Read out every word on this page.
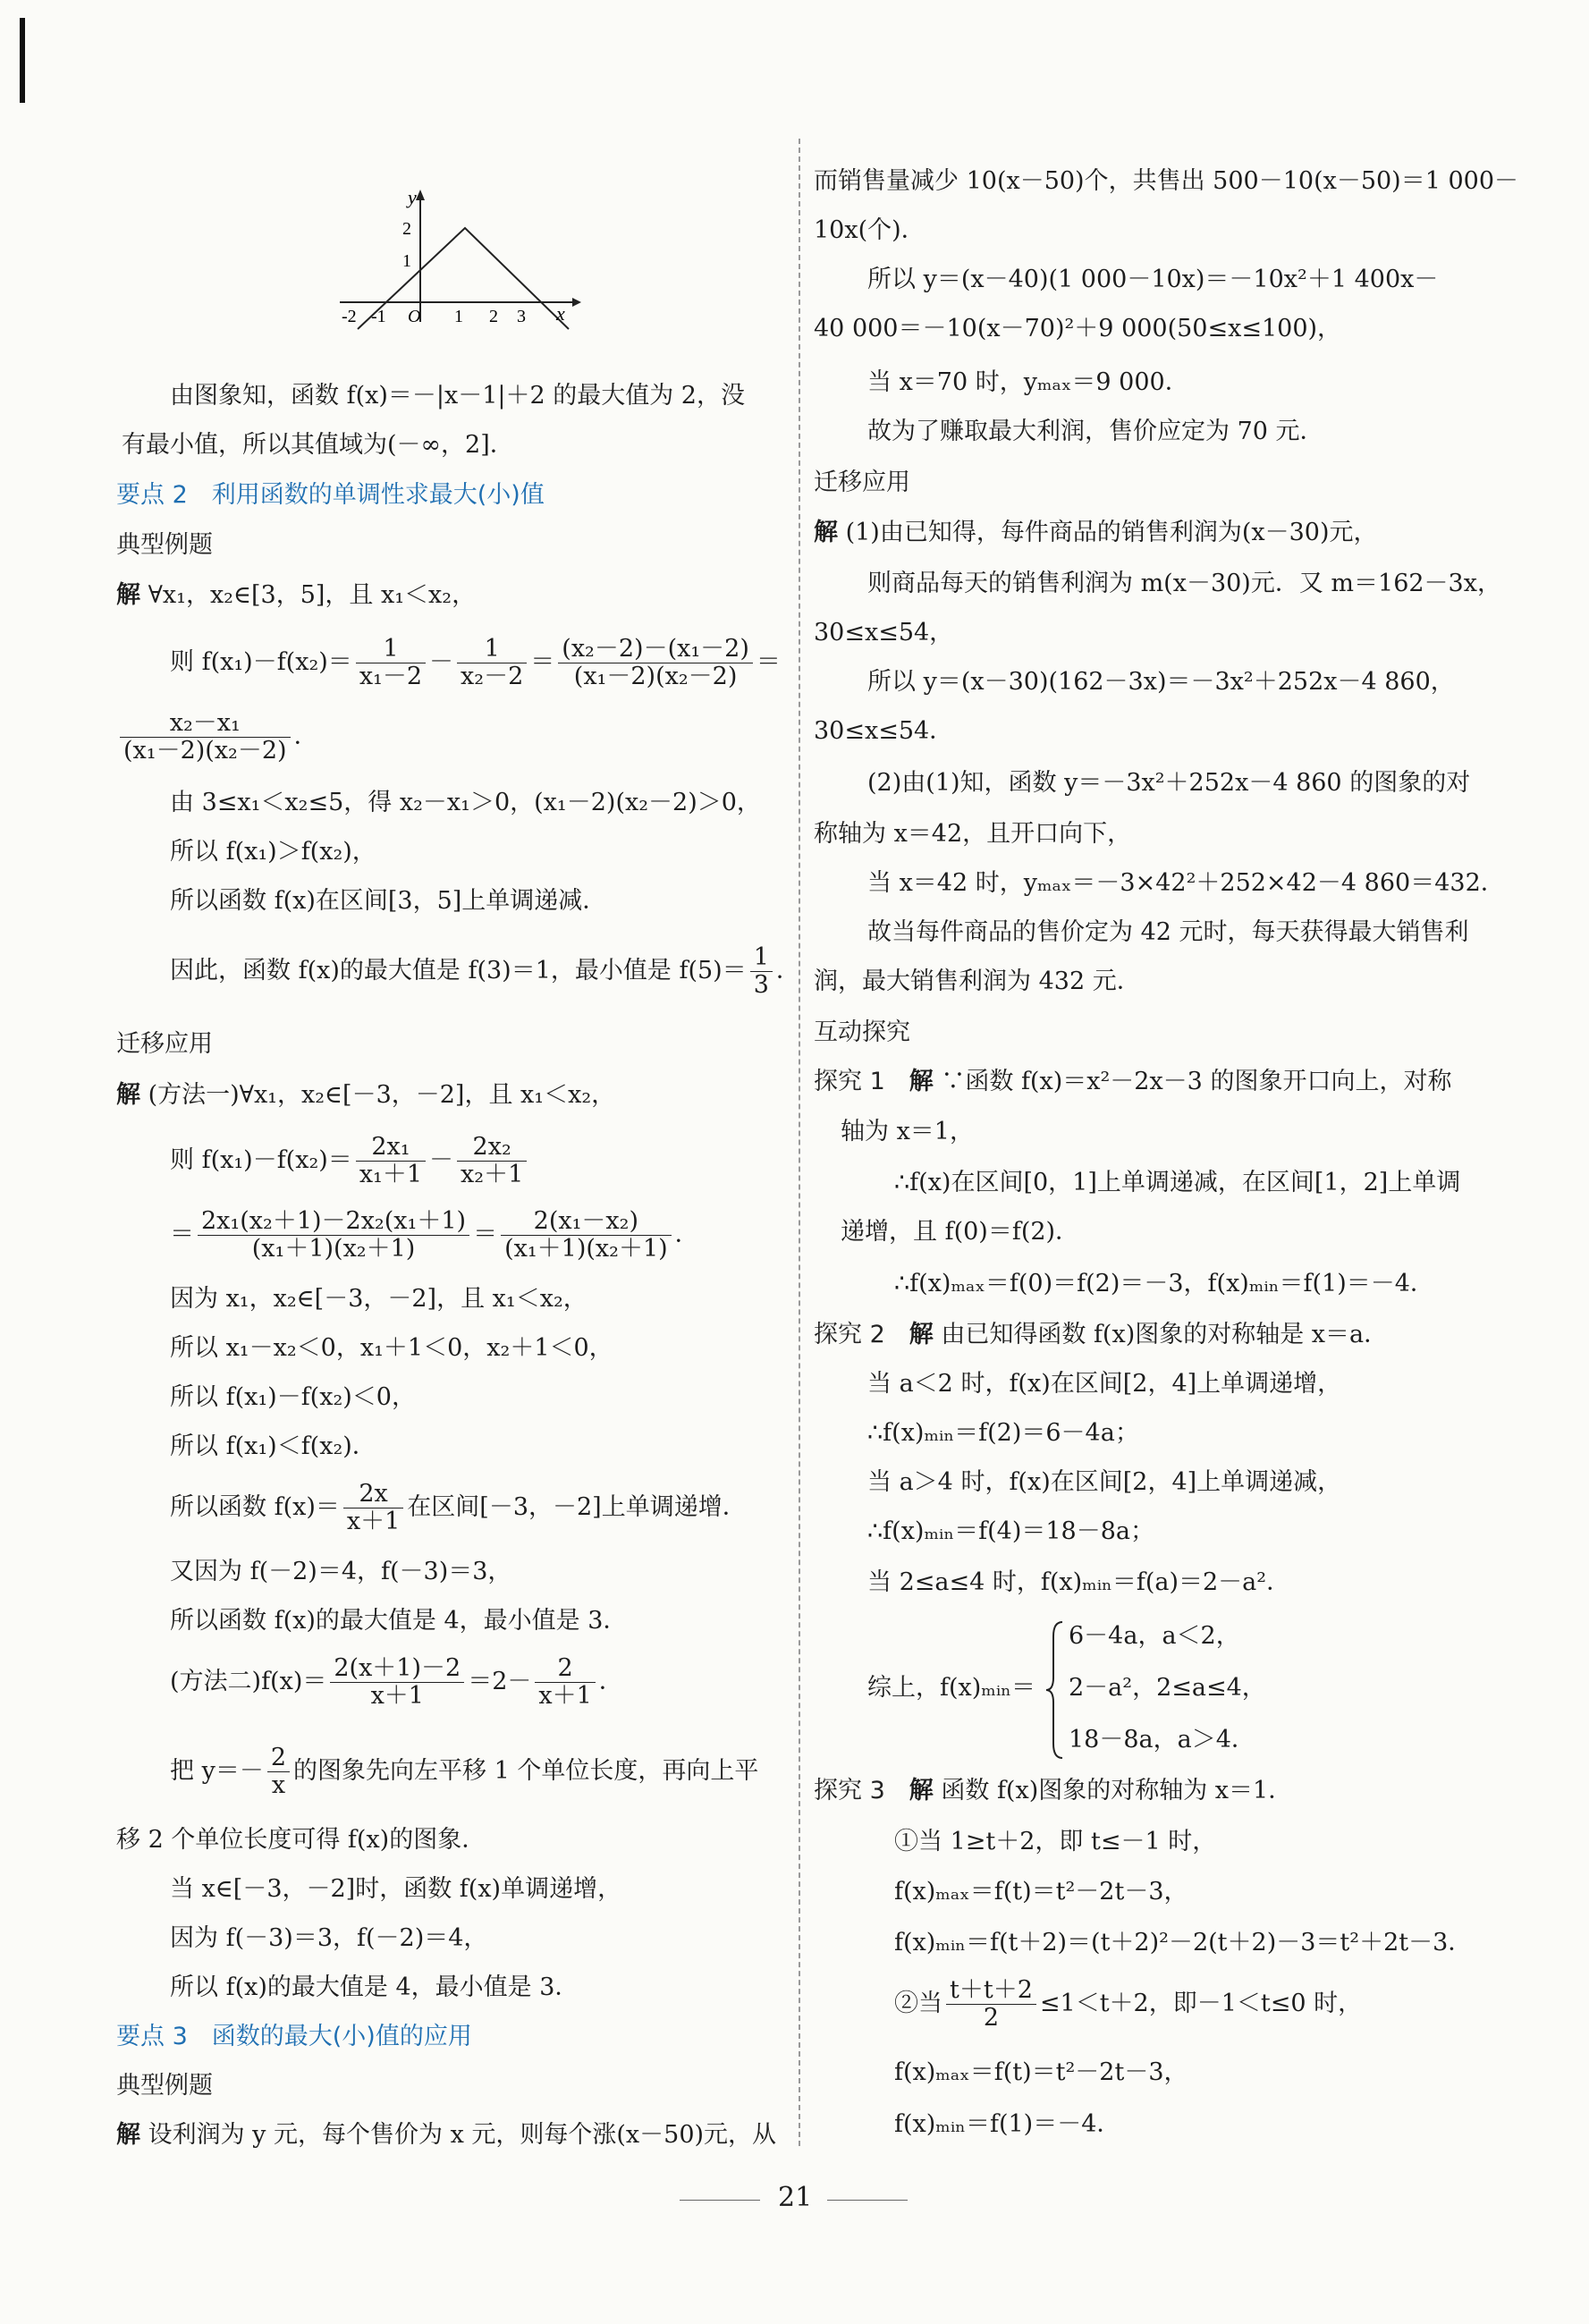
y
x
O
2
1
-2 -1	1 2 3
由图象知，函数 f(x)＝－|x－1|＋2 的最大值为 2，没
有最小值，所以其值域为(－∞，2]．
要点 2　利用函数的单调性求最大(小)值
典型例题
解 ∀x₁，x₂∈[3，5]，且 x₁＜x₂，
则 $f(x_1)-f(x_2)= \frac{1}{\text{x₁－2}} - \frac{1}{\text{x₂－2}} = \frac{\text{(x₂－2)－(x₁－2)}}{\text{(x₁－2)(x₂－2)}}$ ＝
$\frac{\text{x₂－x₁}}{\text{(x₁－2)(x₂－2)}}$ ．
由 3≤x₁＜x₂≤5，得 x₂－x₁＞0，(x₁－2)(x₂－2)＞0，
所以 f(x₁)＞f(x₂)，
所以函数 f(x)在区间[3，5]上单调递减．
因此，函数 f(x)的最大值是 f(3)＝1，最小值是 $f(5)= \frac{1}{3}$ ．
迁移应用
解 (方法一)∀x₁，x₂∈[－3，－2]，且 x₁＜x₂，
则 $f(x_1)-f(x_2)= \frac{\text{2x₁}}{\text{x₁＋1}} - \frac{\text{2x₂}}{\text{x₂＋1}}$
＝ $\frac{\text{2x₁(x₂＋1)－2x₂(x₁＋1)}}{\text{(x₁＋1)(x₂＋1)}} = \frac{\text{2(x₁－x₂)}}{\text{(x₁＋1)(x₂＋1)}}$ ．
因为 x₁，x₂∈[－3，－2]，且 x₁＜x₂，
所以 x₁－x₂＜0，x₁＋1＜0，x₂＋1＜0，
所以 f(x₁)－f(x₂)＜0，
所以 f(x₁)＜f(x₂)．
所以函数 $f(x)= \frac{2x}{x+1}$ 在区间[－3，－2]上单调递增．
又因为 f(－2)＝4，f(－3)＝3，
所以函数 f(x)的最大值是 4，最小值是 3．
(方法二)$f(x)= \frac{2(x+1)-2}{x+1} =2- \frac{2}{x+1}$ ．
把 $y=- \frac{2}{x}$ 的图象先向左平移 1 个单位长度，再向上平
移 2 个单位长度可得 f(x)的图象．
当 x∈[－3，－2]时，函数 f(x)单调递增，
因为 f(－3)＝3，f(－2)＝4，
所以 f(x)的最大值是 4，最小值是 3．
要点 3　函数的最大(小)值的应用
典型例题
解 设利润为 y 元，每个售价为 x 元，则每个涨(x－50)元，从
而销售量减少 10(x－50)个，共售出 500－10(x－50)＝1 000－
10x(个)．
所以 y＝(x－40)(1 000－10x)＝－10x²＋1 400x－
40 000＝－10(x－70)²＋9 000(50≤x≤100)，
当 x＝70 时，yₘₐₓ＝9 000．
故为了赚取最大利润，售价应定为 70 元．
迁移应用
解 (1)由已知得，每件商品的销售利润为(x－30)元，
则商品每天的销售利润为 m(x－30)元．又 m＝162－3x，
30≤x≤54，
所以 y＝(x－30)(162－3x)＝－3x²＋252x－4 860，
30≤x≤54．
(2)由(1)知，函数 y＝－3x²＋252x－4 860 的图象的对
称轴为 x＝42，且开口向下，
当 x＝42 时，yₘₐₓ＝－3×42²＋252×42－4 860＝432．
故当每件商品的售价定为 42 元时，每天获得最大销售利
润，最大销售利润为 432 元．
互动探究
探究 1　 解 ∵函数 f(x)＝x²－2x－3 的图象开口向上，对称
轴为 x＝1，
∴f(x)在区间[0，1]上单调递减，在区间[1，2]上单调
递增，且 f(0)＝f(2)．
∴f(x)ₘₐₓ＝f(0)＝f(2)＝－3，f(x)ₘᵢₙ＝f(1)＝－4．
探究 2　 解 由已知得函数 f(x)图象的对称轴是 x＝a．
当 a＜2 时，f(x)在区间[2，4]上单调递增，
∴f(x)ₘᵢₙ＝f(2)＝6－4a；
当 a＞4 时，f(x)在区间[2，4]上单调递减，
∴f(x)ₘᵢₙ＝f(4)＝18－8a；
当 2≤a≤4 时，f(x)ₘᵢₙ＝f(a)＝2－a²．
综上，f(x)ₘᵢₙ＝
6－4a，a＜2，
2－a²，2≤a≤4，
18－8a，a＞4．
探究 3　 解 函数 f(x)图象的对称轴为 x＝1．
①当 1≥t＋2，即 t≤－1 时，
f(x)ₘₐₓ＝f(t)＝t²－2t－3，
f(x)ₘᵢₙ＝f(t＋2)＝(t＋2)²－2(t＋2)－3＝t²＋2t－3．
②当 $\frac{t+t+2}{2} \le 1<t+2$，即－1＜t≤0 时，
f(x)ₘₐₓ＝f(t)＝t²－2t－3，
f(x)ₘᵢₙ＝f(1)＝－4．
21
